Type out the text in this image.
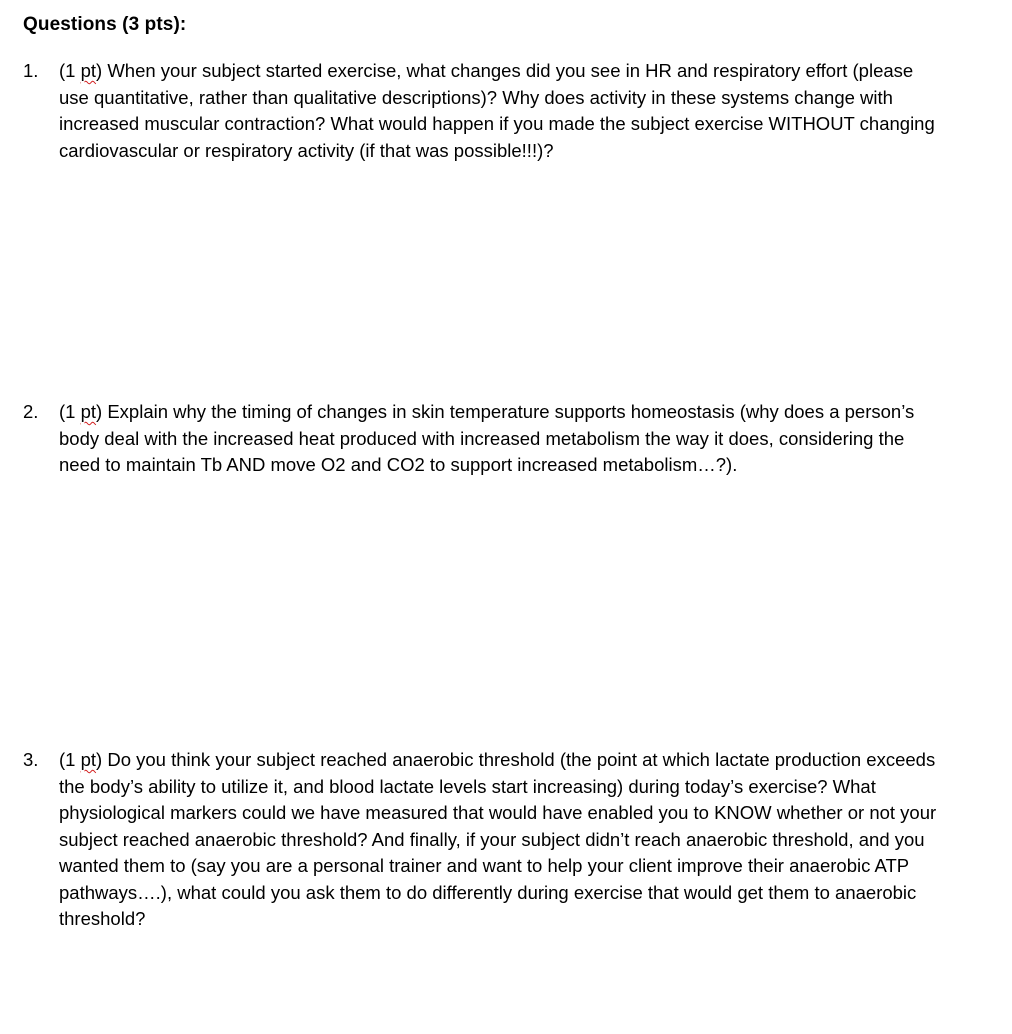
Questions (3 pts):
1. (1 pt) When your subject started exercise, what changes did you see in HR and respiratory effort (please use quantitative, rather than qualitative descriptions)? Why does activity in these systems change with increased muscular contraction? What would happen if you made the subject exercise WITHOUT changing cardiovascular or respiratory activity (if that was possible!!!)?
2. (1 pt) Explain why the timing of changes in skin temperature supports homeostasis (why does a person’s body deal with the increased heat produced with increased metabolism the way it does, considering the need to maintain Tb AND move O2 and CO2 to support increased metabolism…?).
3. (1 pt) Do you think your subject reached anaerobic threshold (the point at which lactate production exceeds the body’s ability to utilize it, and blood lactate levels start increasing) during today’s exercise? What physiological markers could we have measured that would have enabled you to KNOW whether or not your subject reached anaerobic threshold? And finally, if your subject didn’t reach anaerobic threshold, and you wanted them to (say you are a personal trainer and want to help your client improve their anaerobic ATP pathways….), what could you ask them to do differently during exercise that would get them to anaerobic threshold?
